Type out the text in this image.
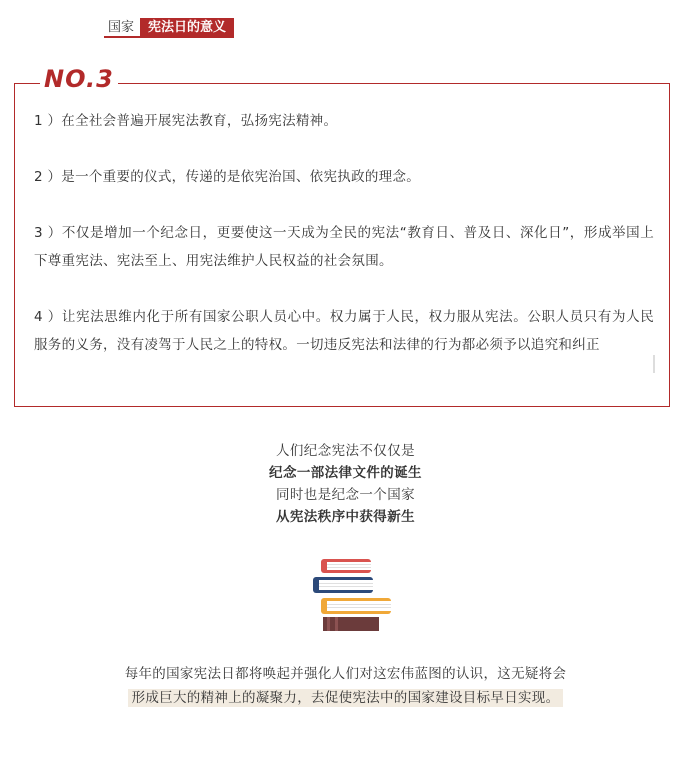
国家	宪法日的意义
NO.3

1 ）在全社会普遍开展宪法教育，弘扬宪法精神。

2 ）是一个重要的仪式，传递的是依宪治国、依宪执政的理念。

3 ）不仅是增加一个纪念日，更要使这一天成为全民的宪法“教育日、普及日、深化日”，形成举国上下尊重宪法、宪法至上、用宪法维护人民权益的社会氛围。

4 ）让宪法思维内化于所有国家公职人员心中。权力属于人民，权力服从宪法。公职人员只有为人民服务的义务，没有凌驾于人民之上的特权。一切违反宪法和法律的行为都必须予以追究和纠正

人们纪念宪法不仅仅是
纪念一部法律文件的诞生
同时也是纪念一个国家
从宪法秩序中获得新生
每年的国家宪法日都将唤起并强化人们对这宏伟蓝图的认识，这无疑将会
形成巨大的精神上的凝聚力，去促使宪法中的国家建设目标早日实现。
